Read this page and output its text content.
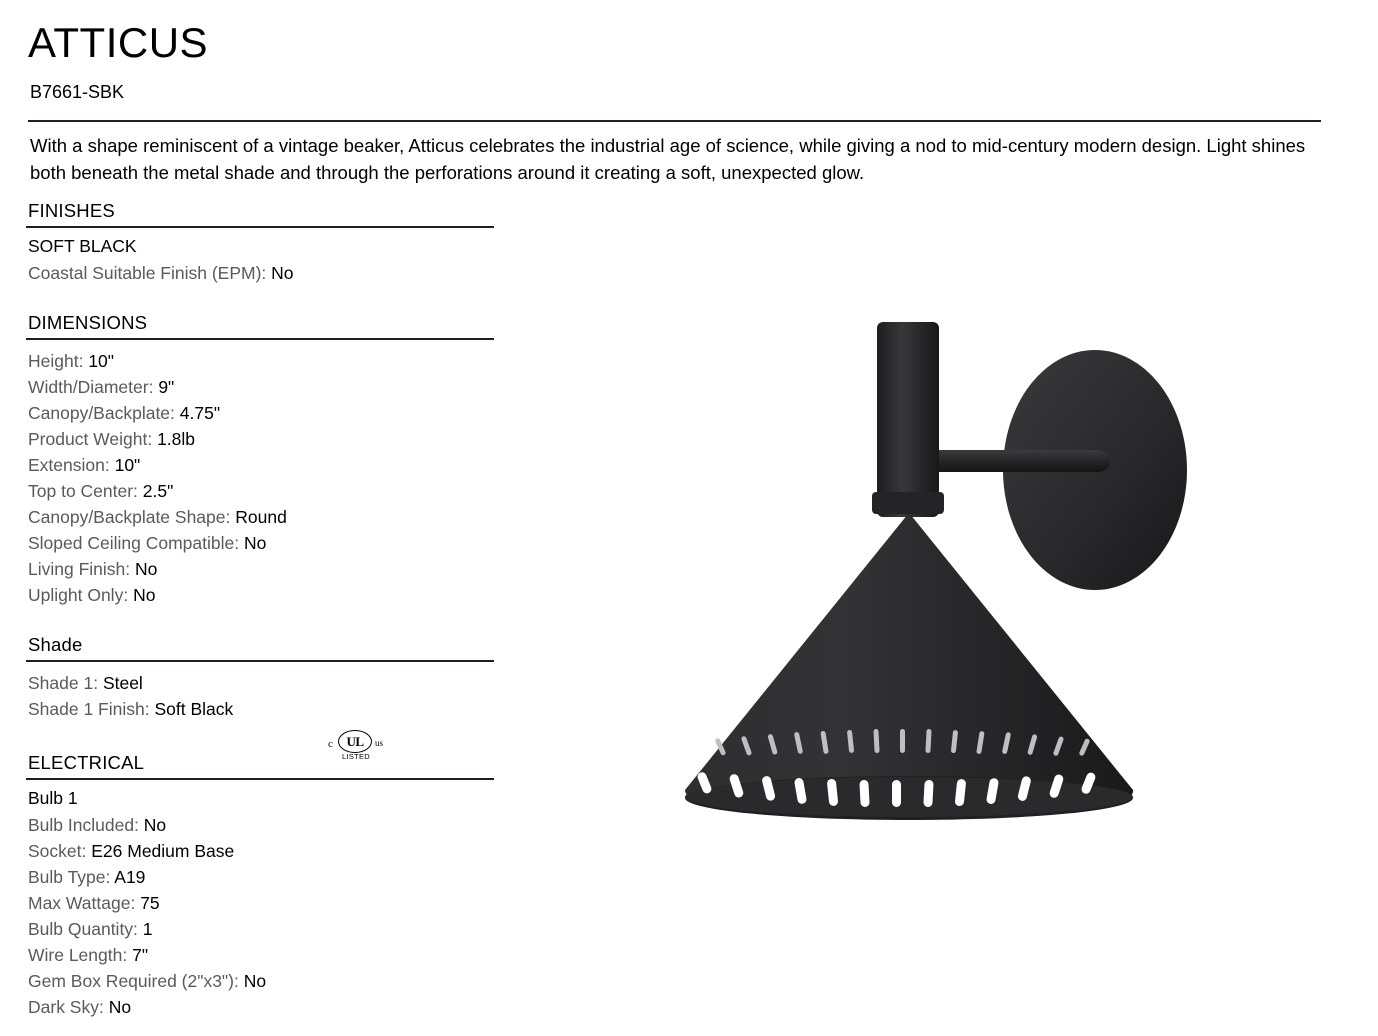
ATTICUS
B7661-SBK
With a shape reminiscent of a vintage beaker, Atticus celebrates the industrial age of science, while giving a nod to mid-century modern design. Light shines both beneath the metal shade and through the perforations around it creating a soft, unexpected glow.
FINISHES
SOFT BLACK
Coastal Suitable Finish (EPM): No
DIMENSIONS
Height: 10"
Width/Diameter: 9"
Canopy/Backplate: 4.75"
Product Weight: 1.8lb
Extension: 10"
Top to Center: 2.5"
Canopy/Backplate Shape: Round
Sloped Ceiling Compatible: No
Living Finish: No
Uplight Only: No
Shade
Shade 1: Steel
Shade 1 Finish: Soft Black
ELECTRICAL
c	UL	us
LISTED
Bulb 1
Bulb Included: No
Socket: E26 Medium Base
Bulb Type: A19
Max Wattage: 75
Bulb Quantity: 1
Wire Length: 7"
Gem Box Required (2"x3"): No
Dark Sky: No
